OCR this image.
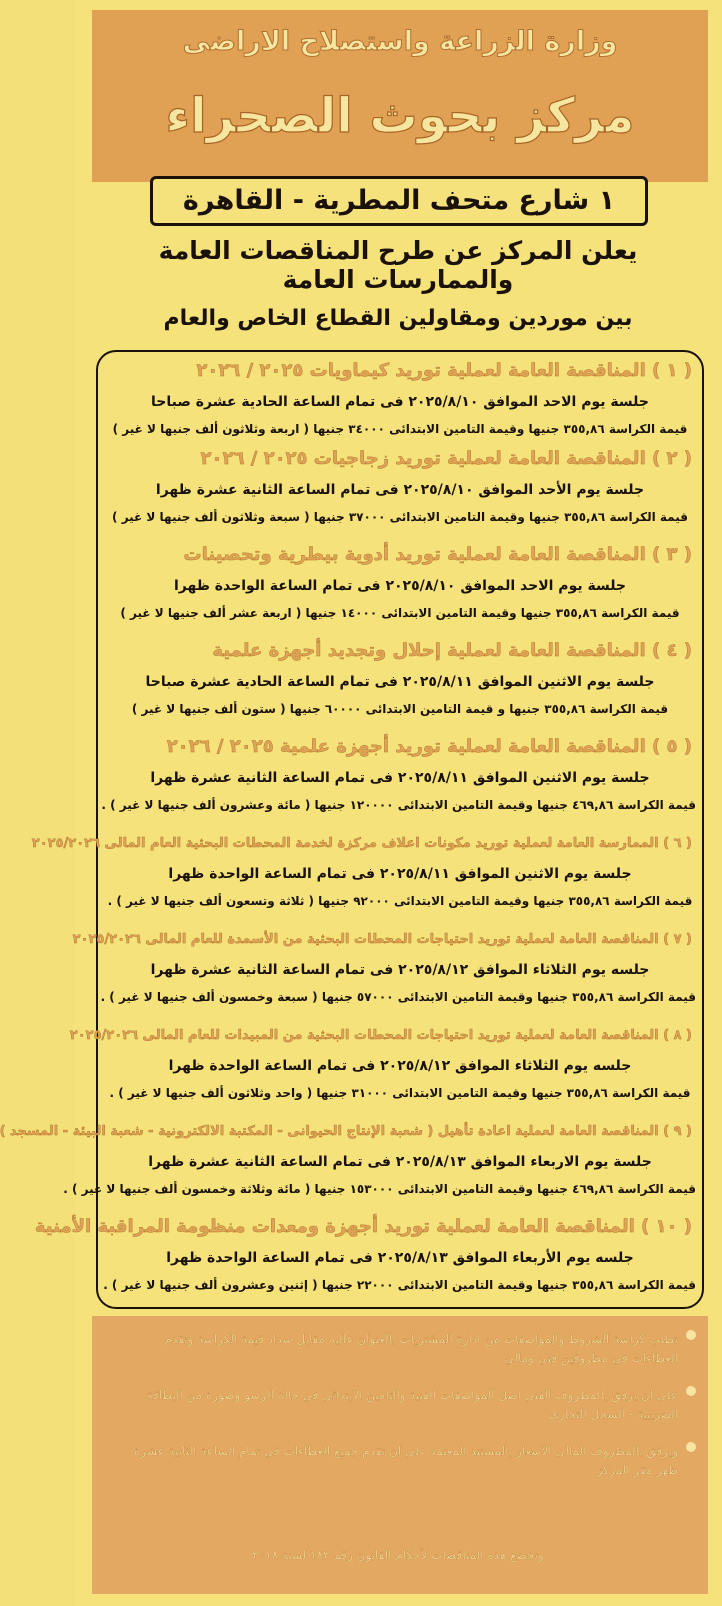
وزارة الزراعة واستصلاح الاراضى
مركز بحوث الصحراء
١ شارع متحف المطرية - القاهرة
يعلن المركز عن طرح المناقصات العامة والممارسات العامة
بين موردين ومقاولين القطاع الخاص والعام
( ١ ) المناقصة العامة لعملية توريد كيماويات ٢٠٢٥ / ٢٠٢٦
جلسة يوم الاحد الموافق ٢٠٢٥/٨/١٠ فى تمام الساعة الحادية عشرة صباحا
قيمة الكراسة ٣٥٥,٨٦ جنيها وقيمة التامين الابتدائى ٣٤٠٠٠ جنيها ( اربعة وثلاثون ألف جنيها لا غير )
( ٢ ) المناقصة العامة لعملية توريد زجاجيات ٢٠٢٥ / ٢٠٢٦
جلسة يوم الأحد الموافق ٢٠٢٥/٨/١٠ فى تمام الساعة الثانية عشرة ظهرا
قيمة الكراسة ٣٥٥,٨٦ جنيها وقيمة التامين الابتدائى ٣٧٠٠٠ جنيها ( سبعة وثلاثون ألف جنيها لا غير )
( ٣ ) المناقصة العامة لعملية توريد أدوية بيطرية وتحصينات
جلسة يوم الاحد الموافق ٢٠٢٥/٨/١٠ فى تمام الساعة الواحدة ظهرا
قيمة الكراسة ٣٥٥,٨٦ جنيها وقيمة التامين الابتدائى ١٤٠٠٠ جنيها ( اربعة عشر ألف جنيها لا غير )
( ٤ ) المناقصة العامة لعملية إحلال وتجديد أجهزة علمية
جلسة يوم الاثنين الموافق ٢٠٢٥/٨/١١ فى تمام الساعة الحادية عشرة صباحا
قيمة الكراسة ٣٥٥,٨٦ جنيها و قيمة التامين الابتدائى ٦٠٠٠٠ جنيها ( ستون ألف جنيها لا غير )
( ٥ ) المناقصة العامة لعملية توريد أجهزة علمية ٢٠٢٥ / ٢٠٢٦
جلسة يوم الاثنين الموافق ٢٠٢٥/٨/١١ فى تمام الساعة الثانية عشرة ظهرا
قيمة الكراسة ٤٦٩,٨٦ جنيها وقيمة التامين الابتدائى ١٢٠٠٠٠ جنيها ( مائة وعشرون ألف جنيها لا غير ) .
( ٦ ) الممارسة العامة لعملية توريد مكونات اعلاف مركزة لخدمة المحطات البحثية العام المالى ٢٠٢٥/٢٠٢٦
جلسة يوم الاثنين الموافق ٢٠٢٥/٨/١١ فى تمام الساعة الواحدة ظهرا
قيمة الكراسة ٣٥٥,٨٦ جنيها وقيمة التامين الابتدائى ٩٢٠٠٠ جنيها ( ثلاثة وتسعون ألف جنيها لا غير ) .
( ٧ ) المناقصة العامة لعملية توريد احتياجات المحطات البحثية من الأسمدة للعام المالى ٢٠٢٥/٢٠٢٦
جلسه يوم الثلاثاء الموافق ٢٠٢٥/٨/١٢ فى تمام الساعة الثانية عشرة ظهرا
قيمة الكراسة ٣٥٥,٨٦ جنيها وقيمة التامين الابتدائى ٥٧٠٠٠ جنيها ( سبعة وخمسون ألف جنيها لا غير ) .
( ٨ ) المناقصة العامة لعملية توريد احتياجات المحطات البحثية من المبيدات للعام المالى ٢٠٢٥/٢٠٢٦
جلسه يوم الثلاثاء الموافق ٢٠٢٥/٨/١٢ فى تمام الساعة الواحدة ظهرا
قيمة الكراسة ٣٥٥,٨٦ جنيها وقيمة التامين الابتدائى ٣١٠٠٠ جنيها ( واحد وثلاثون ألف جنيها لا غير ) .
( ٩ ) المناقصة العامة لعملية اعادة تأهيل ( شعبة الإنتاج الحيوانى - المكتبة الالكترونية - شعبة البيئة - المسجد )
جلسة يوم الاربعاء الموافق ٢٠٢٥/٨/١٣ فى تمام الساعة الثانية عشرة ظهرا
قيمة الكراسة ٤٦٩,٨٦ جنيها وقيمة التامين الابتدائى ١٥٣٠٠٠ جنيها ( مائة وثلاثة وخمسون ألف جنيها لا غير ) .
( ١٠ ) المناقصة العامة لعملية توريد أجهزة ومعدات منظومة المراقبة الأمنية
جلسه يوم الأربعاء الموافق ٢٠٢٥/٨/١٣ فى تمام الساعة الواحدة ظهرا
قيمة الكراسة ٣٥٥,٨٦ جنيها وقيمة التامين الابتدائى ٢٢٠٠٠ جنيها ( إثنين وعشرون ألف جنيها لا غير ) .
تطلب كراسة الشروط والمواصفات من ادارة المشتريات بالعنوان عاليه مقابل سداد قيمة الكراسة وتقدم العطاءات في مظروفين فني ومالي
على ان يرفق بالمظروف الفنى اصل المواصفات الفنية والتامين الابتدائى في حالة الرسو وصورة من البطاقة الضريبية - السجل التجارى
ويرفق بالمظروف المالى الاسعار بالمستند المعتمد على ان تقدم جميع العطاءات في تمام الساعة الثانية عشرة ظهر مقر المركز
وتخضع هذه المناقصات لأحكام القانون رقم ١٨٢ لسنة ٢٠١٨
